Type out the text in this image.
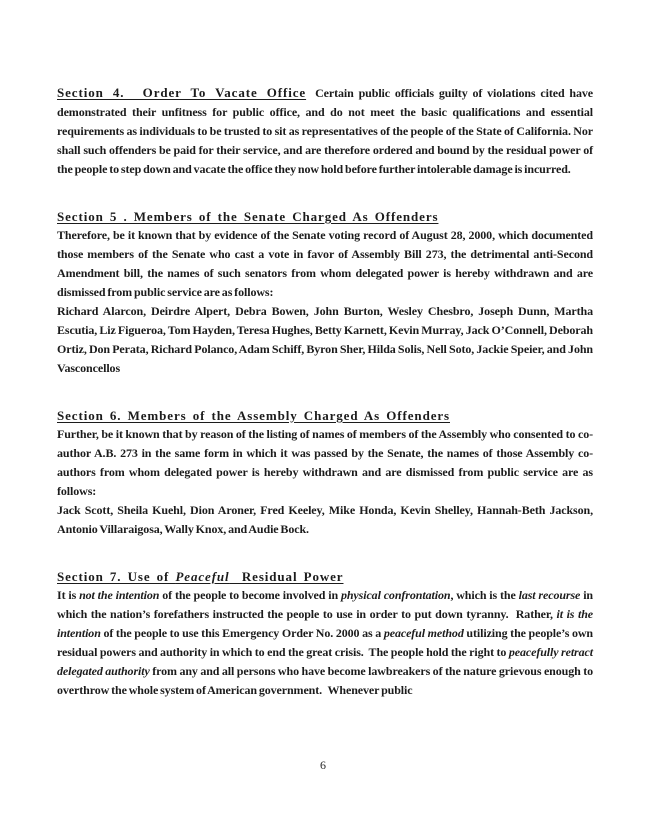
Section 4.  Order To Vacate Office Certain public officials guilty of violations cited have demonstrated their unfitness for public office, and do not meet the basic qualifications and essential requirements as individuals to be trusted to sit as representatives of the people of the State of California. Nor shall such offenders be paid for their service, and are therefore ordered and bound by the residual power of the people to step down and vacate the office they now hold before further intolerable damage is incurred.

Section 5 . Members of the Senate Charged As Offenders

Therefore, be it known that by evidence of the Senate voting record of August 28, 2000, which documented those members of the Senate who cast a vote in favor of Assembly Bill 273, the detrimental anti-Second Amendment bill, the names of such senators from whom delegated power is hereby withdrawn and are dismissed from public service are as follows:

Richard Alarcon, Deirdre Alpert, Debra Bowen, John Burton, Wesley Chesbro, Joseph Dunn, Martha Escutia, Liz Figueroa, Tom Hayden, Teresa Hughes, Betty Karnett, Kevin Murray, Jack O’Connell, Deborah Ortiz, Don Perata, Richard Polanco, Adam Schiff, Byron Sher, Hilda Solis, Nell Soto, Jackie Speier, and John Vasconcellos

Section 6. Members of the Assembly Charged As Offenders

Further, be it known that by reason of the listing of names of members of the Assembly who consented to co-author A.B. 273 in the same form in which it was passed by the Senate, the names of those Assembly co-authors from whom delegated power is hereby withdrawn and are dismissed from public service are as follows:

Jack Scott, Sheila Kuehl, Dion Aroner, Fred Keeley, Mike Honda, Kevin Shelley, Hannah-Beth Jackson, Antonio Villaraigosa, Wally Knox, and Audie Bock.

Section 7. Use of Peaceful  Residual Power

It is not the intention of the people to become involved in physical confrontation, which is the last recourse in which the nation’s forefathers instructed the people to use in order to put down tyranny.  Rather, it is the intention of the people to use this Emergency Order No. 2000 as a peaceful method utilizing the people’s own residual powers and authority in which to end the great crisis.  The people hold the right to peacefully retract delegated authority from any and all persons who have become lawbreakers of the nature grievous enough to overthrow the whole system of American government.   Whenever public

6
